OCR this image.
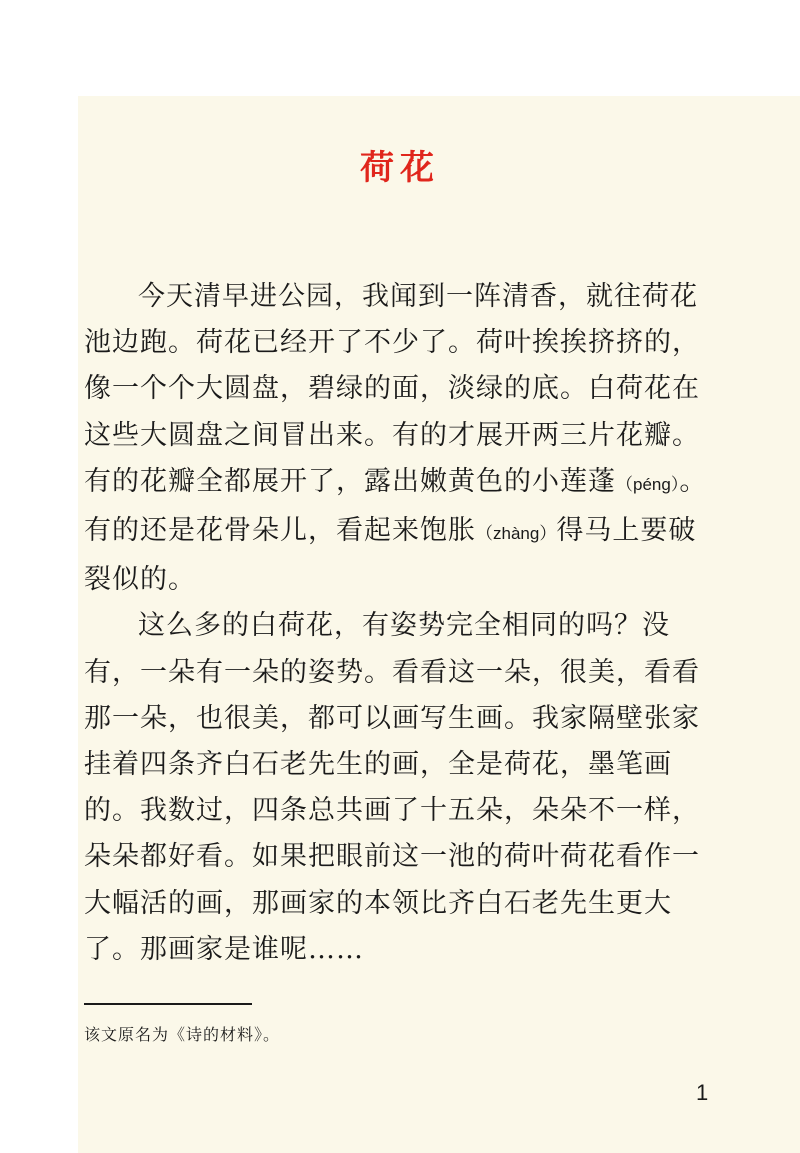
荷花

今天清早进公园，我闻到一阵清香，就往荷花池边跑。荷花已经开了不少了。荷叶挨挨挤挤的，像一个个大圆盘，碧绿的面，淡绿的底。白荷花在这些大圆盘之间冒出来。有的才展开两三片花瓣。有的花瓣全都展开了，露出嫩黄色的小莲蓬（péng）。有的还是花骨朵儿，看起来饱胀（zhàng）得马上要破裂似的。

这么多的白荷花，有姿势完全相同的吗？没有，一朵有一朵的姿势。看看这一朵，很美，看看那一朵，也很美，都可以画写生画。我家隔壁张家挂着四条齐白石老先生的画，全是荷花，墨笔画的。我数过，四条总共画了十五朵，朵朵不一样，朵朵都好看。如果把眼前这一池的荷叶荷花看作一大幅活的画，那画家的本领比齐白石老先生更大了。那画家是谁呢……

该文原名为《诗的材料》。
1
